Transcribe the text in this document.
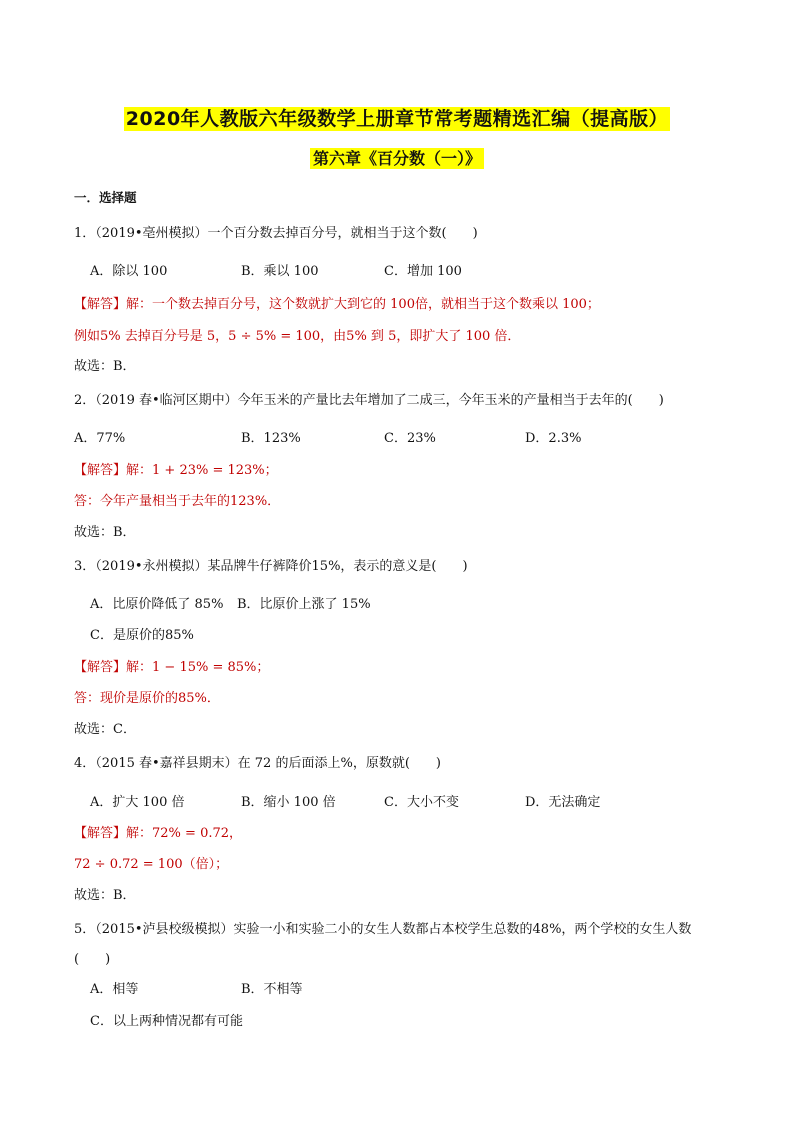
2020年人教版六年级数学上册章节常考题精选汇编（提高版）
第六章《百分数（一）》
一．选择题
1．（2019•亳州模拟）一个百分数去掉百分号，就相当于这个数(　　)
A．除以 100	B．乘以 100	C．增加 100
【解答】解：一个数去掉百分号，这个数就扩大到它的 100倍，就相当于这个数乘以 100；
例如5% 去掉百分号是 5，5 ÷ 5% = 100，由5% 到 5，即扩大了 100 倍．
故选：B．
2．（2019 春•临河区期中）今年玉米的产量比去年增加了二成三，今年玉米的产量相当于去年的(　　)
A．77%	B．123%	C．23%	D．2.3%
【解答】解：1 + 23% = 123%；
答：今年产量相当于去年的123%．
故选：B．
3．（2019•永州模拟）某品牌牛仔裤降价15%，表示的意义是(　　)
A．比原价降低了 85% B．比原价上涨了 15%
C．是原价的85%
【解答】解：1 − 15% = 85%；
答：现价是原价的85%．
故选：C．
4．（2015 春•嘉祥县期末）在 72 的后面添上%，原数就(　　)
A．扩大 100 倍	B．缩小 100 倍	C．大小不变	D．无法确定
【解答】解：72% = 0.72，
72 ÷ 0.72 = 100（倍）；
故选：B．
5．（2015•泸县校级模拟）实验一小和实验二小的女生人数都占本校学生总数的48%，两个学校的女生人数
(　　)
A．相等	B．不相等
C．以上两种情况都有可能
